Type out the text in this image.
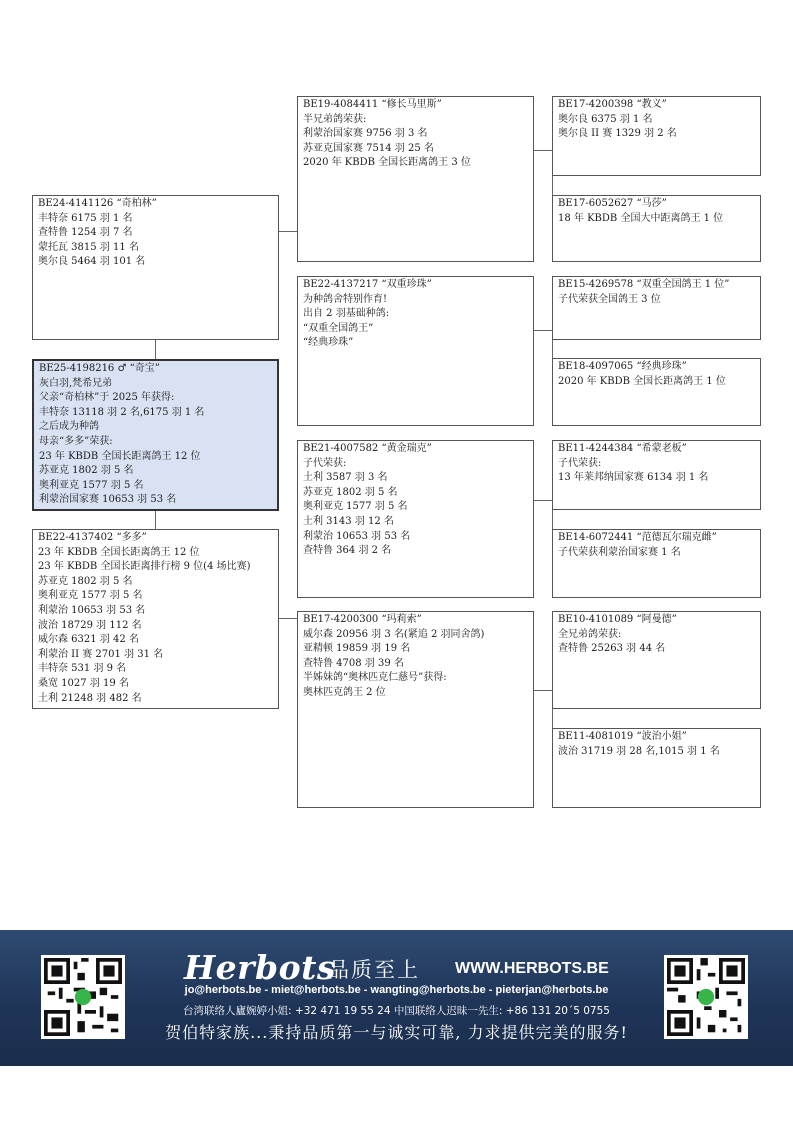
BE24-4141126 “奇柏林”
丰特奈 6175 羽 1 名
查特鲁 1254 羽 7 名
蒙托瓦 3815 羽 11 名
奥尔良 5464 羽 101 名
BE25-4198216 ♂ “奇宝”
灰白羽,梵希兄弟
父亲“奇柏林”于 2025 年获得:
丰特奈 13118 羽 2 名,6175 羽 1 名
之后成为种鸽
母亲“多多”荣获:
23 年 KBDB 全国长距离鸽王 12 位
苏亚克 1802 羽 5 名
奥利亚克 1577 羽 5 名
利蒙治国家赛 10653 羽 53 名
BE22-4137402 “多多”
23 年 KBDB 全国长距离鸽王 12 位
23 年 KBDB 全国长距离排行榜 9 位(4 场比赛)
苏亚克 1802 羽 5 名
奥利亚克 1577 羽 5 名
利蒙治 10653 羽 53 名
波治 18729 羽 112 名
威尔森 6321 羽 42 名
利蒙治 II 赛 2701 羽 31 名
丰特奈 531 羽 9 名
桑宽 1027 羽 19 名
土利 21248 羽 482 名
BE19-4084411 “修长马里斯”
半兄弟鸽荣获:
利蒙治国家赛 9756 羽 3 名
苏亚克国家赛 7514 羽 25 名
2020 年 KBDB 全国长距离鸽王 3 位
BE22-4137217 “双重珍珠”
为种鸽舍特别作育!
出自 2 羽基础种鸽:
“双重全国鸽王”
“经典珍珠”
BE21-4007582 “黄金瑞克”
子代荣获:
土利 3587 羽 3 名
苏亚克 1802 羽 5 名
奥利亚克 1577 羽 5 名
土利 3143 羽 12 名
利蒙治 10653 羽 53 名
查特鲁 364 羽 2 名
BE17-4200300 “玛莉索”
威尔森 20956 羽 3 名(紧追 2 羽同舍鸽)
亚精顿 19859 羽 19 名
查特鲁 4708 羽 39 名
半姊妹鸽“奥林匹克仁慈号”获得:
奥林匹克鸽王 2 位
BE17-4200398 “教义”
奥尔良 6375 羽 1 名
奥尔良 II 赛 1329 羽 2 名
BE17-6052627 “马莎”
18 年 KBDB 全国大中距离鸽王 1 位
BE15-4269578 “双重全国鸽王 1 位”
子代荣获全国鸽王 3 位
BE18-4097065 “经典珍珠”
2020 年 KBDB 全国长距离鸽王 1 位
BE11-4244384 “希蒙老板”
子代荣获:
13 年莱邦纳国家赛 6134 羽 1 名
BE14-6072441 “范德瓦尔瑞克雌”
子代荣获利蒙治国家赛 1 名
BE10-4101089 “阿曼德”
全兄弟鸽荣获:
查特鲁 25263 羽 44 名
BE11-4081019 “波治小姐”
波治 31719 羽 28 名,1015 羽 1 名
Herbots
品质至上 WWW.HERBOTS.BE
jo@herbots.be - miet@herbots.be - wangting@herbots.be - pieterjan@herbots.be
台湾联络人廬婉婷小姐: +32 471 19 55 24 中国联络人迟昧一先生: +86 131 20´5 0755
贺伯特家族...秉持品质第一与诚实可靠, 力求提供完美的服务!
